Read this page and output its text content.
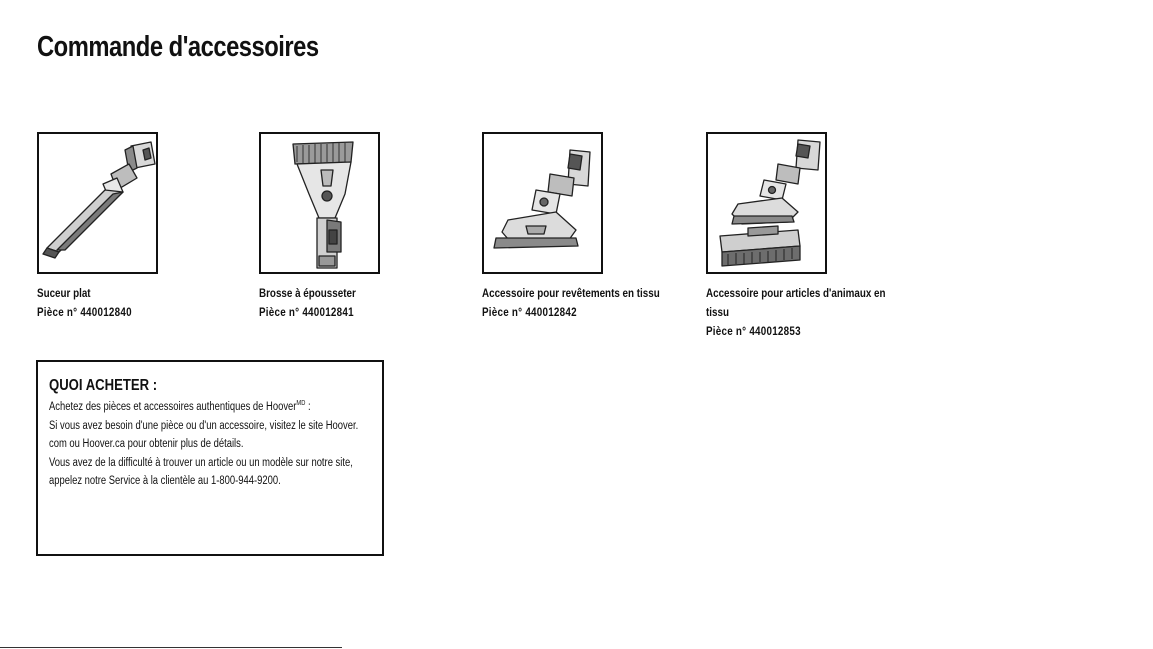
Commande d'accessoires
Suceur plat
Pièce n° 440012840
Brosse à épousseter
Pièce n° 440012841
Accessoire pour revêtements en tissu
Pièce n° 440012842
Accessoire pour articles d'animaux en tissu
Pièce n° 440012853
QUOI ACHETER :

Achetez des pièces et accessoires authentiques de Hoover$^{MD}$ :

Si vous avez besoin d'une pièce ou d'un accessoire, visitez le site Hoover.

com ou Hoover.ca pour obtenir plus de détails.

Vous avez de la difficulté à trouver un article ou un modèle sur notre site,

appelez notre Service à la clientèle au 1-800-944-9200.
